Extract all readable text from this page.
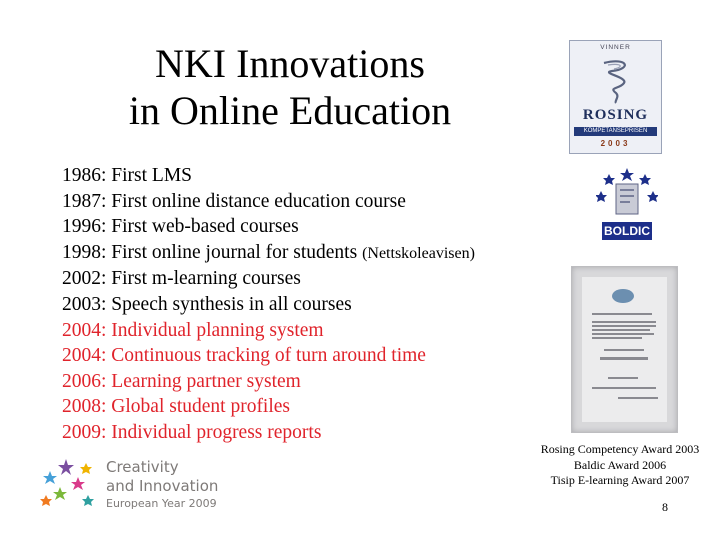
NKI Innovations
in Online Education
1986: First LMS
1987: First online distance education course
1996: First web-based courses
1998: First online journal for students (Nettskoleavisen)
2002: First m-learning courses
2003: Speech synthesis in all courses
2004: Individual planning system
2004: Continuous tracking of turn around time
2006: Learning partner system
2008: Global student profiles
2009: Individual progress reports
VINNER
ROSING
KOMPETANSEPRISEN
2003
BOLDIC
Rosing Competency Award 2003
Baldic Award 2006
Tisip E-learning Award 2007
8
Creativity
and Innovation
European Year 2009
